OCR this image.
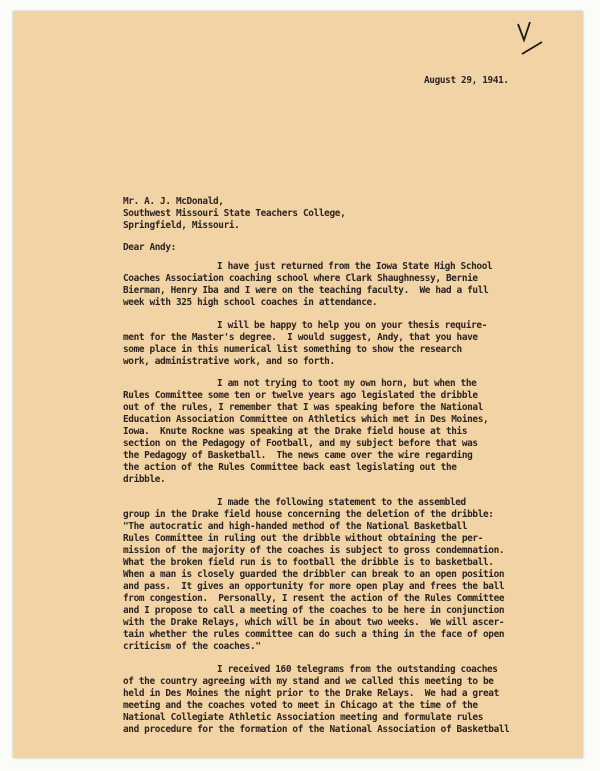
August 29, 1941.
Mr. A. J. McDonald,
Southwest Missouri State Teachers College,
Springfield, Missouri.
Dear Andy:
I have just returned from the Iowa State High School
Coaches Association coaching school where Clark Shaughnessy, Bernie
Bierman, Henry Iba and I were on the teaching faculty.  We had a full
week with 325 high school coaches in attendance.
I will be happy to help you on your thesis require-
ment for the Master's degree.  I would suggest, Andy, that you have
some place in this numerical list something to show the research
work, administrative work, and so forth.
I am not trying to toot my own horn, but when the
Rules Committee some ten or twelve years ago legislated the dribble
out of the rules, I remember that I was speaking before the National
Education Association Committee on Athletics which met in Des Moines,
Iowa.  Knute Rockne was speaking at the Drake field house at this
section on the Pedagogy of Football, and my subject before that was
the Pedagogy of Basketball.  The news came over the wire regarding
the action of the Rules Committee back east legislating out the
dribble.
I made the following statement to the assembled
group in the Drake field house concerning the deletion of the dribble:
"The autocratic and high-handed method of the National Basketball
Rules Committee in ruling out the dribble without obtaining the per-
mission of the majority of the coaches is subject to gross condemnation.
What the broken field run is to football the dribble is to basketball.
When a man is closely guarded the dribbler can break to an open position
and pass.  It gives an opportunity for more open play and frees the ball
from congestion.  Personally, I resent the action of the Rules Committee
and I propose to call a meeting of the coaches to be here in conjunction
with the Drake Relays, which will be in about two weeks.  We will ascer-
tain whether the rules committee can do such a thing in the face of open
criticism of the coaches."
I received 160 telegrams from the outstanding coaches
of the country agreeing with my stand and we called this meeting to be
held in Des Moines the night prior to the Drake Relays.  We had a great
meeting and the coaches voted to meet in Chicago at the time of the
National Collegiate Athletic Association meeting and formulate rules
and procedure for the formation of the National Association of Basketball
